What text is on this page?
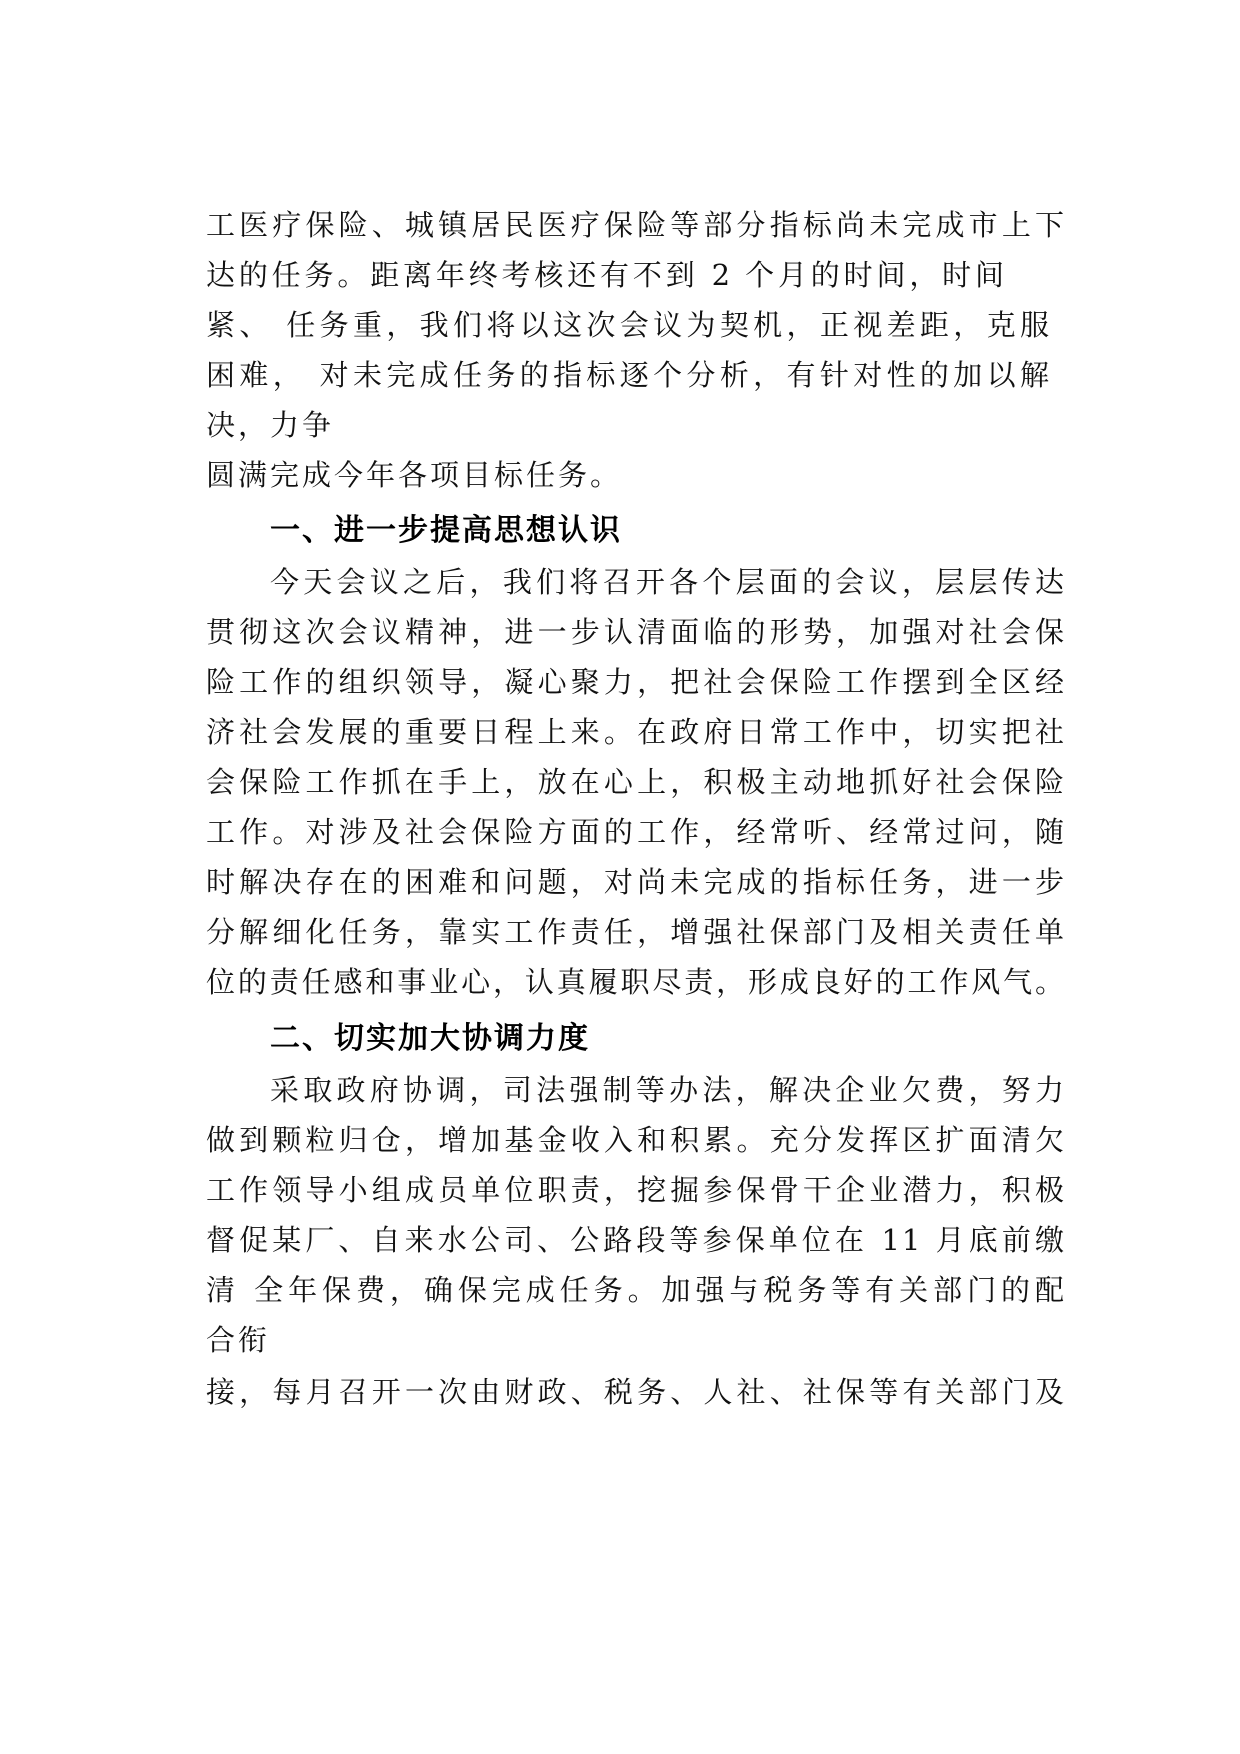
工医疗保险、城镇居民医疗保险等部分指标尚未完成市上下
达的任务。距离年终考核还有不到 2 个月的时间，时间
紧、 任务重，我们将以这次会议为契机，正视差距，克服
困难， 对未完成任务的指标逐个分析，有针对性的加以解
决，力争
圆满完成今年各项目标任务。
一、进一步提高思想认识
今天会议之后，我们将召开各个层面的会议，层层传达
贯彻这次会议精神，进一步认清面临的形势，加强对社会保
险工作的组织领导，凝心聚力，把社会保险工作摆到全区经
济社会发展的重要日程上来。在政府日常工作中，切实把社
会保险工作抓在手上，放在心上，积极主动地抓好社会保险
工作。对涉及社会保险方面的工作，经常听、经常过问，随
时解决存在的困难和问题，对尚未完成的指标任务，进一步
分解细化任务，靠实工作责任，增强社保部门及相关责任单
位的责任感和事业心，认真履职尽责，形成良好的工作风气。
二、切实加大协调力度
采取政府协调，司法强制等办法，解决企业欠费，努力
做到颗粒归仓，增加基金收入和积累。充分发挥区扩面清欠
工作领导小组成员单位职责，挖掘参保骨干企业潜力，积极
督促某厂、自来水公司、公路段等参保单位在 11 月底前缴
清 全年保费，确保完成任务。加强与税务等有关部门的配
合衔
接，每月召开一次由财政、税务、人社、社保等有关部门及
